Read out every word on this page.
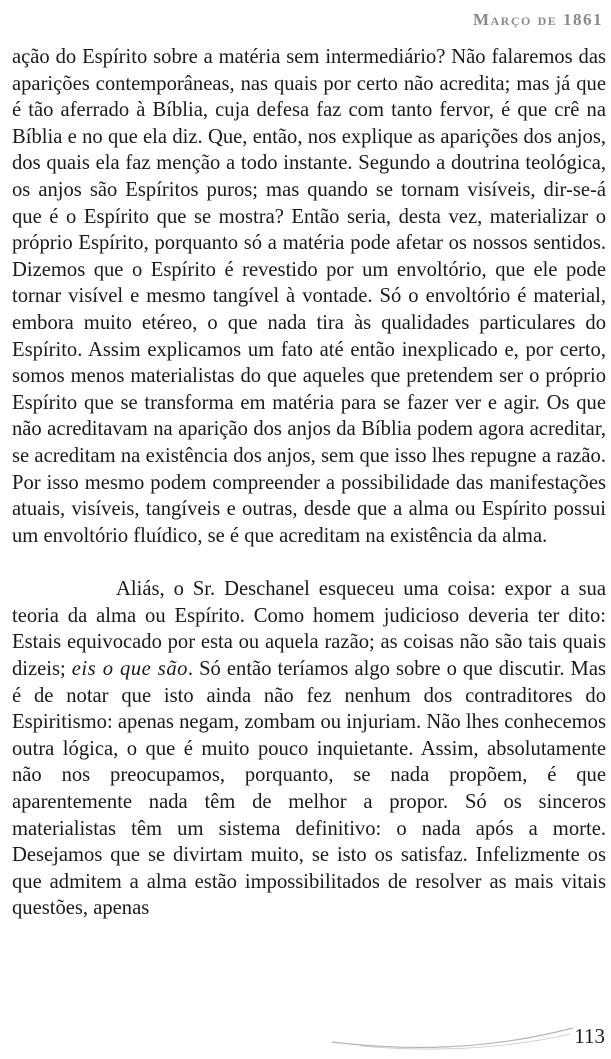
Março de 1861

ação do Espírito sobre a matéria sem intermediário? Não falaremos das aparições contemporâneas, nas quais por certo não acredita; mas já que é tão aferrado à Bíblia, cuja defesa faz com tanto fervor, é que crê na Bíblia e no que ela diz. Que, então, nos explique as aparições dos anjos, dos quais ela faz menção a todo instante. Segundo a doutrina teológica, os anjos são Espíritos puros; mas quando se tornam visíveis, dir-se-á que é o Espírito que se mostra? Então seria, desta vez, materializar o próprio Espírito, porquanto só a matéria pode afetar os nossos sentidos. Dizemos que o Espírito é revestido por um envoltório, que ele pode tornar visível e mesmo tangível à vontade. Só o envoltório é material, embora muito etéreo, o que nada tira às qualidades particulares do Espírito. Assim explicamos um fato até então inexplicado e, por certo, somos menos materialistas do que aqueles que pretendem ser o próprio Espírito que se transforma em matéria para se fazer ver e agir. Os que não acreditavam na aparição dos anjos da Bíblia podem agora acreditar, se acreditam na existência dos anjos, sem que isso lhes repugne a razão. Por isso mesmo podem compreender a possibilidade das manifestações atuais, visíveis, tangíveis e outras, desde que a alma ou Espírito possui um envoltório fluídico, se é que acreditam na existência da alma.

Aliás, o Sr. Deschanel esqueceu uma coisa: expor a sua teoria da alma ou Espírito. Como homem judicioso deveria ter dito: Estais equivocado por esta ou aquela razão; as coisas não são tais quais dizeis; eis o que são. Só então teríamos algo sobre o que discutir. Mas é de notar que isto ainda não fez nenhum dos contraditores do Espiritismo: apenas negam, zombam ou injuriam. Não lhes conhecemos outra lógica, o que é muito pouco inquietante. Assim, absolutamente não nos preocupamos, porquanto, se nada propõem, é que aparentemente nada têm de melhor a propor. Só os sinceros materialistas têm um sistema definitivo: o nada após a morte. Desejamos que se divirtam muito, se isto os satisfaz. Infelizmente os que admitem a alma estão impossibilitados de resolver as mais vitais questões, apenas

113
